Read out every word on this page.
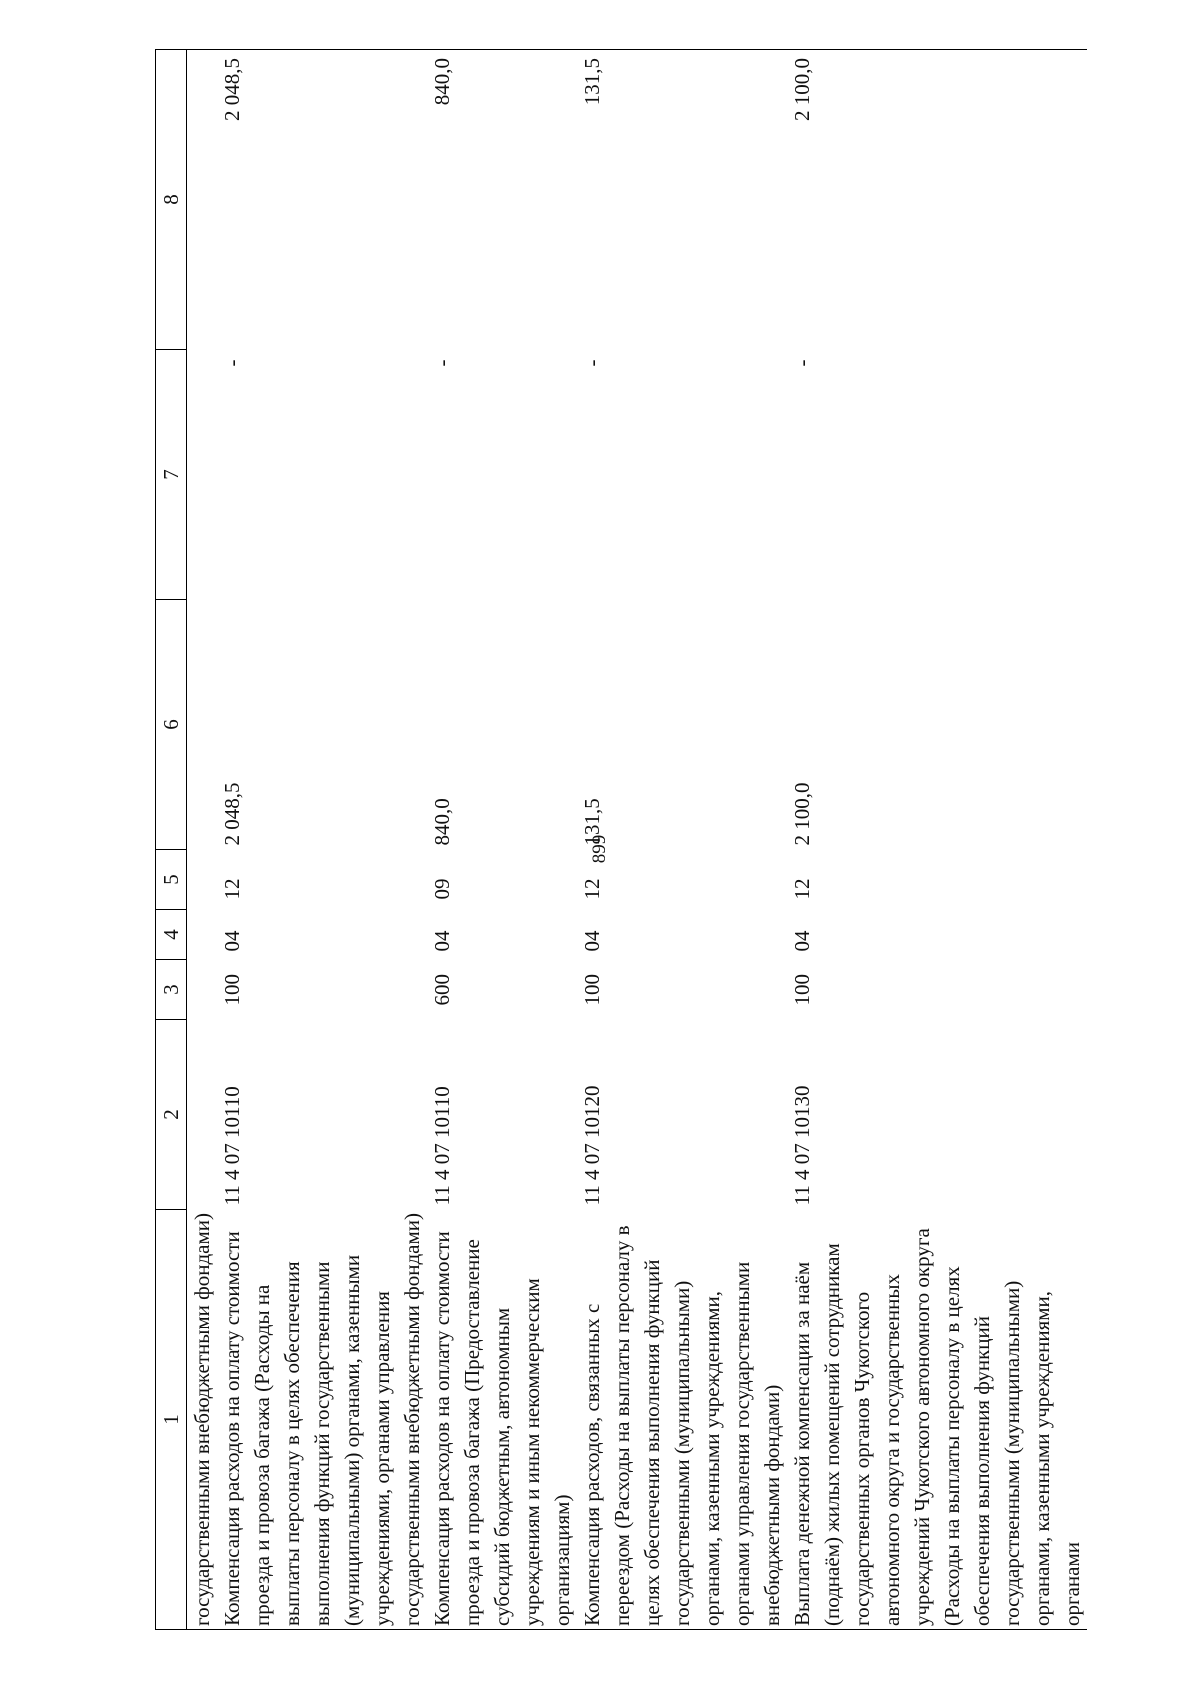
899
1	2	3	4	5	6	7	8
государственными внебюджетными фондами)							
Компенсация расходов на оплату стоимости проезда и провоза багажа (Расходы на выплаты персоналу в целях обеспечения выполнения функций государственными (муниципальными) органами, казенными учреждениями, органами управления государственными внебюджетными фондами)	11 4 07 10110	100	04	12	2 048,5	-	2 048,5
Компенсация расходов на оплату стоимости проезда и провоза багажа (Предоставление субсидий бюджетным, автономным учреждениям и иным некоммерческим организациям)	11 4 07 10110	600	04	09	840,0	-	840,0
Компенсация расходов, связанных с переездом (Расходы на выплаты персоналу в целях обеспечения выполнения функций государственными (муниципальными) органами, казенными учреждениями, органами управления государственными внебюджетными фондами)	11 4 07 10120	100	04	12	131,5	-	131,5
Выплата денежной компенсации за наём (поднаём) жилых помещений сотрудникам государственных органов Чукотского автономного округа и государственных учреждений Чукотского автономного округа (Расходы на выплаты персоналу в целях обеспечения выполнения функций государственными (муниципальными) органами, казенными учреждениями, органами	11 4 07 10130	100	04	12	2 100,0	-	2 100,0
